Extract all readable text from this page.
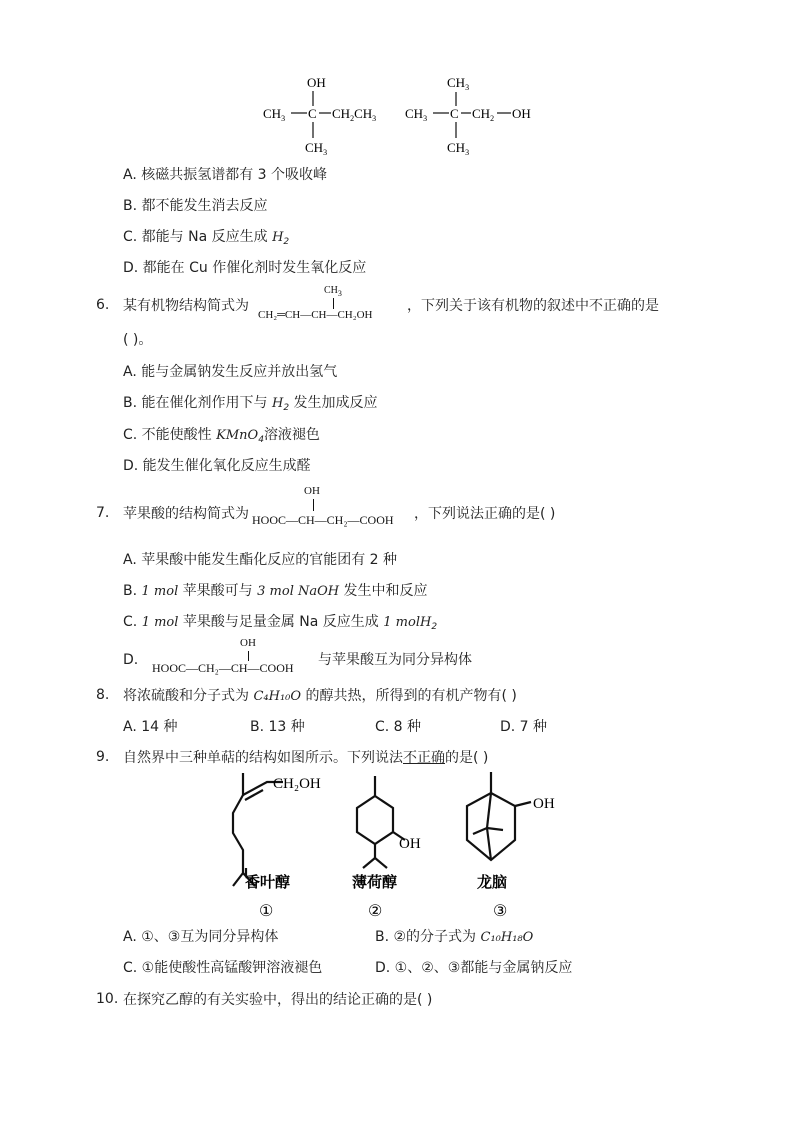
OH
$CH_3$ C $CH_2CH_3$
$CH_3$
$CH_3$
$CH_3$ C $CH_2$ OH
$CH_3$
A. 核磁共振氢谱都有 3 个吸收峰
B. 都不能发生消去反应
C. 都能与 Na 反应生成 $H_2$
D. 都能在 Cu 作催化剂时发生氧化反应
6. 某有机物结构简式为
$CH_3$
CH₂═CH—CH—CH₂OH
，下列关于该有机物的叙述中不正确的是
( )。
A. 能与金属钠发生反应并放出氢气
B. 能在催化剂作用下与 $H_2$ 发生加成反应
C. 不能使酸性 KMnO$_4$溶液褪色
D. 能发生催化氧化反应生成醛
7. 苹果酸的结构简式为
OH
HOOC—CH—CH₂—COOH ，下列说法正确的是( )
A. 苹果酸中能发生酯化反应的官能团有 2 种
B. 1 mol 苹果酸可与 3 mol NaOH 发生中和反应
C. 1 mol 苹果酸与足量金属 Na 反应生成 1 molH$_2$
D.
OH
HOOC—CH₂—CH—COOH 与苹果酸互为同分异构体
8. 将浓硫酸和分子式为 C₄H₁₀O 的醇共热，所得到的有机产物有( )
A. 14 种	B. 13 种	C. 8 种	D. 7 种
9. 自然界中三种单萜的结构如图所示。下列说法不正确的是( )
CH₂OH
OH
OH
香叶醇	薄荷醇	龙脑
①	②	③
A. ①、③互为同分异构体	B. ②的分子式为 C₁₀H₁₈O
C. ①能使酸性高锰酸钾溶液褪色	D. ①、②、③都能与金属钠反应
10. 在探究乙醇的有关实验中，得出的结论正确的是( )
